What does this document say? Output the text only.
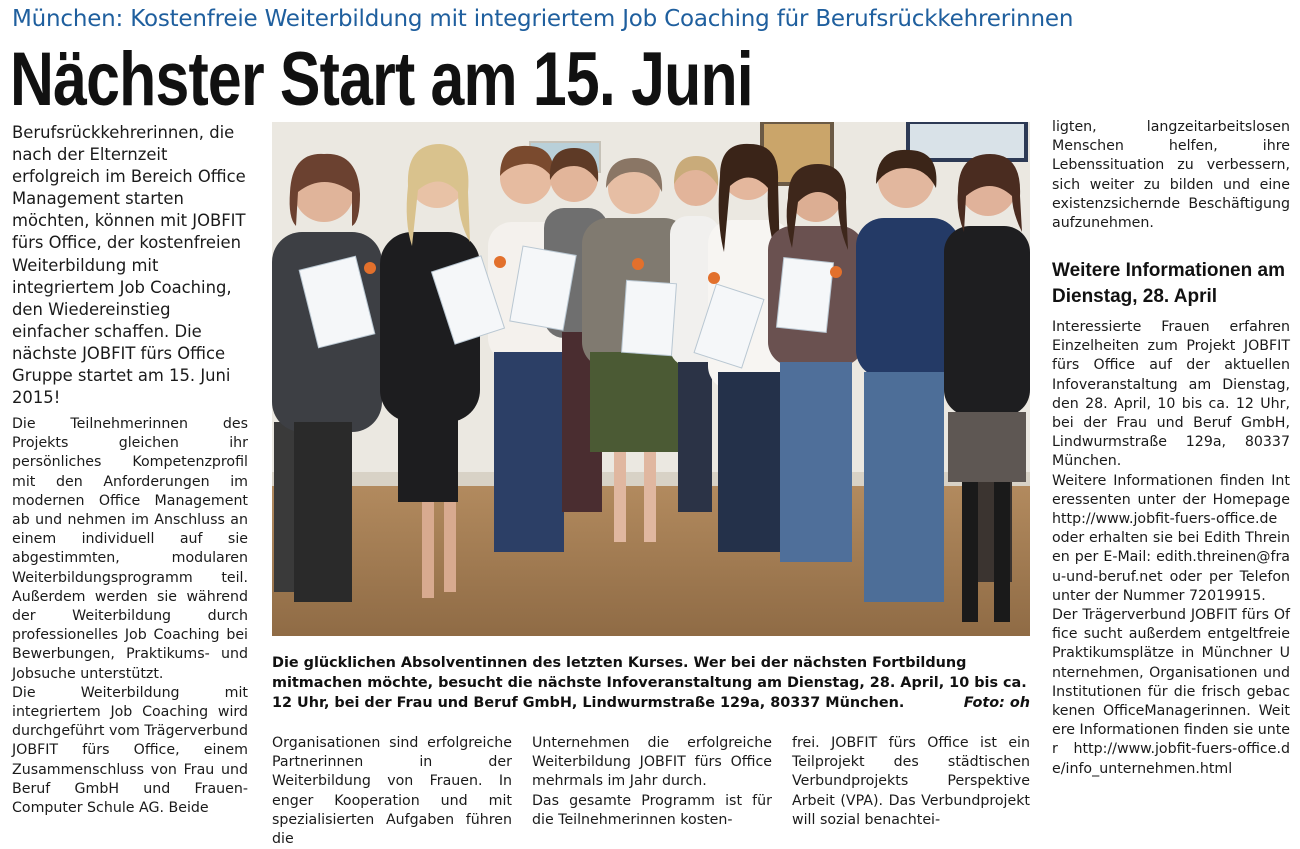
München: Kostenfreie Weiterbildung mit integriertem Job Coaching für Berufsrückkehrerinnen
Nächster Start am 15. Juni

Berufsrückkehrerinnen, die nach der Elternzeit erfolgreich im Bereich Office Management starten möchten, können mit JOBFIT fürs Office, der kostenfreien Weiterbildung mit integriertem Job Coaching, den Wiedereinstieg einfacher schaffen. Die nächste JOBFIT fürs Office Gruppe startet am 15. Juni 2015!

Die Teilnehmerinnen des Projekts gleichen ihr persönliches Kompetenzprofil mit den Anforderungen im modernen Office Management ab und nehmen im Anschluss an einem individuell auf sie abgestimmten, modularen Weiterbildungsprogramm teil. Außerdem werden sie während der Weiterbildung durch professionelles Job Coaching bei Bewerbungen, Praktikums- und Jobsuche unterstützt.

Die Weiterbildung mit integriertem Job Coaching wird durchgeführt vom Trägerverbund JOBFIT fürs Office, einem Zusammenschluss von Frau und Beruf GmbH und Frauen-Computer Schule AG. Beide

Die glücklichen Absolventinnen des letzten Kurses. Wer bei der nächsten Fortbildung mitmachen möchte, besucht die nächste Infoveranstaltung am Dienstag, 28. April, 10 bis ca. 12 Uhr, bei der Frau und Beruf GmbH, Lindwurmstraße 129a, 80337 München.	Foto: oh

Organisationen sind erfolgreiche Partnerinnen in der Weiterbildung von Frauen. In enger Kooperation und mit spezialisierten Aufgaben führen die

Unternehmen die erfolgreiche Weiterbildung JOBFIT fürs Office mehrmals im Jahr durch.

Das gesamte Programm ist für die Teilnehmerinnen kosten-

frei. JOBFIT fürs Office ist ein Teilprojekt des städtischen Verbundprojekts Perspektive Arbeit (VPA). Das Verbundprojekt will sozial benachtei-

ligten, langzeitarbeitslosen Menschen helfen, ihre Lebenssituation zu verbessern, sich weiter zu bilden und eine existenzsichernde Beschäftigung aufzunehmen.

Weitere Informationen am Dienstag, 28. April

Interessierte Frauen erfahren Einzelheiten zum Projekt JOBFIT fürs Office auf der aktuellen Infoveranstaltung am Dienstag, den 28. April, 10 bis ca. 12 Uhr, bei der Frau und Beruf GmbH, Lindwurmstraße 129a, 80337 München.

Weitere Informationen finden Interessenten unter der Homepage http://www.jobfit-fuers-office.de oder erhalten sie bei Edith Threinen per E-Mail: edith.threinen@frau-und-beruf.net oder per Telefon unter der Nummer 72019915.

Der Trägerverbund JOBFIT fürs Office sucht außerdem entgeltfreie Praktikumsplätze in Münchner Unternehmen, Organisationen und Institutionen für die frisch gebackenen OfficeManagerinnen. Weitere Informationen finden sie unter http://www.jobfit-fuers-office.de/info_unternehmen.html
